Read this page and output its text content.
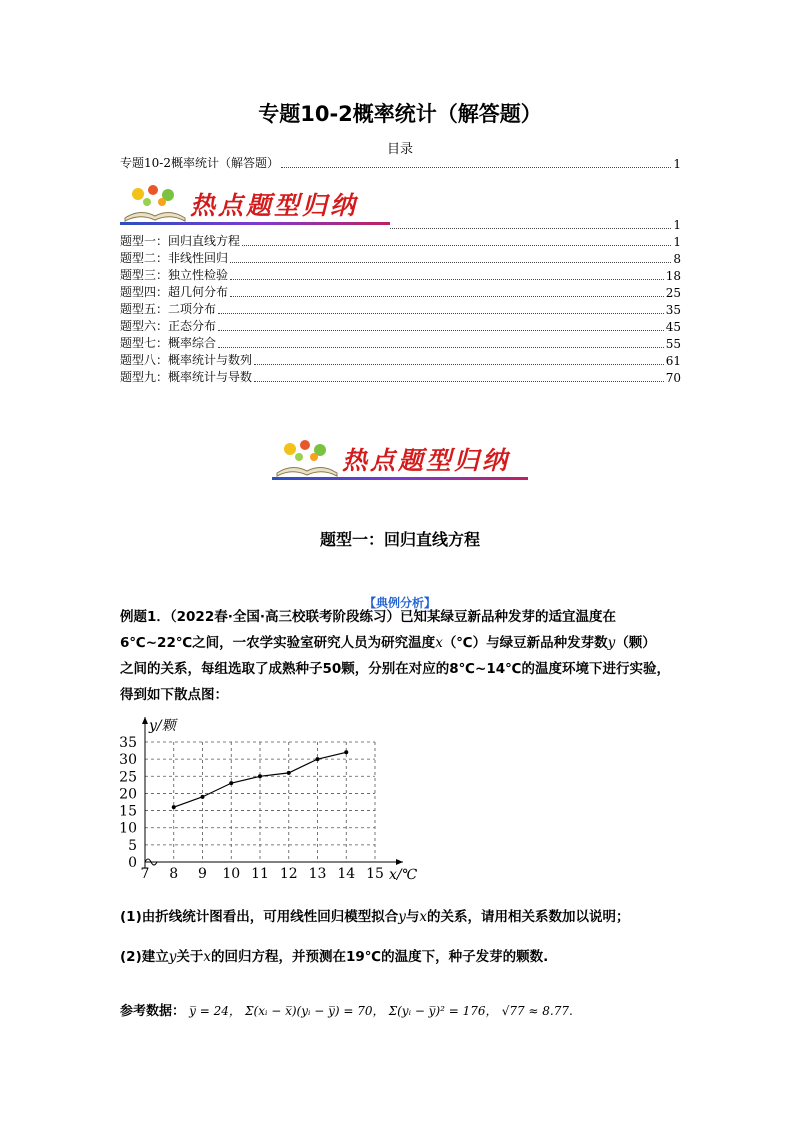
专题10-2概率统计（解答题）
目录
专题10-2概率统计（解答题）	1
热点题型归纳
1
题型一：回归直线方程	1
题型二：非线性回归	8
题型三：独立性检验	18
题型四：超几何分布	25
题型五：二项分布	35
题型六：正态分布	45
题型七：概率综合	55
题型八：概率统计与数列	61
题型九：概率统计与导数	70
热点题型归纳
题型一：回归直线方程
【典例分析】
例题1．（2022春·全国·高三校联考阶段练习）已知某绿豆新品种发芽的适宜温度在
6℃~22℃之间，一农学实验室研究人员为研究温度x（℃）与绿豆新品种发芽数y（颗）
之间的关系，每组选取了成熟种子50颗，分别在对应的8℃~14℃的温度环境下进行实验，
得到如下散点图：
7 8 9 10 11 12 13 14 15
0
5
10
15
20
25
30
35
x/℃
y/颗
(1)由折线统计图看出，可用线性回归模型拟合y与x的关系，请用相关系数加以说明；
(2)建立y关于x的回归方程，并预测在19℃的温度下，种子发芽的颗数.
参考数据： y̅ = 24， Σ(xᵢ − x̅)(yᵢ − y̅) = 70， Σ(yᵢ − y̅)² = 176， √77 ≈ 8.77.
